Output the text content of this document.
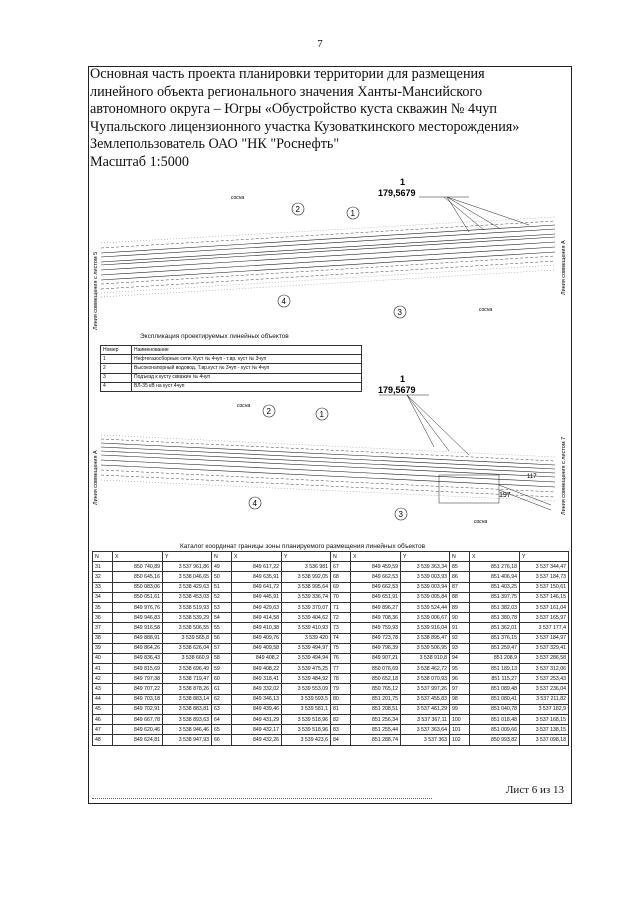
7
Основная часть проекта планировки территории для размещения
линейного объекта регионального значения Ханты-Мансийского
автономного округа – Югры «Обустройство куста скважин № 4чуп
Чупальского лицензионного участка Кузоваткинского месторождения»
Землепользователь ОАО "НК "Роснефть"
Масштаб 1:5000
Линия совмещения с листом 5	Линия совмещения А
1
179,5679
1
2
3
4
сосна
сосна
Линия совмещения А	Линия совмещения с листом 7
1
179,5679
1
2
3
4
сосна
сосна
197
117
Экспликация проектируемых линейных объектов
Номер	Наименование
1	Нефтегазосборные сети. Куст № 4чуп - т.вр. куст № 3чуп
2	Высоконапорный водовод. Т.вр.куст № 3чуп - куст № 4чуп
3	Подъезд к кусту скважин № 4чуп
4	ВЛ-35 кВ на куст 4чуп
Каталог координат границы зоны планируемого размещения линейных объектов
N	X	Y	N	X	Y	N	X	Y	N	X	Y
31	850 740,89	3 537 961,86	49	849 617,22	3 536 981	67	849 459,59	3 539 363,34	85	851 276,18	3 537 344,47
32	850 645,16	3 538 046,65	50	849 635,91	3 538 992,05	68	849 662,53	3 539 003,93	86	851 406,94	3 537 184,73
33	850 083,06	3 538 429,63	51	849 641,72	3 538 995,64	69	849 662,53	3 539 003,94	87	851 403,25	3 537 150,61
34	850 051,61	3 538 453,03	52	849 445,91	3 539 336,74	70	849 651,91	3 539 005,84	88	851 397,75	3 537 146,15
35	849 976,76	3 538 519,93	53	849 429,63	3 539 370,07	71	849 896,27	3 539 524,44	89	851 382,03	3 537 161,04
36	849 946,83	3 538 539,29	54	849 414,58	3 539 404,62	72	849 708,36	3 539 006,67	90	851 380,78	3 537 165,97
37	849 916,58	3 538 506,55	55	849 410,38	3 539 410,93	73	849 759,93	3 539 916,04	91	851 362,01	3 537 177,4
38	849 888,91	3 539 565,8	56	849 409,76	3 539 420	74	849 723,78	3 538 895,47	92	851 376,15	3 537 184,97
39	849 864,26	3 538 626,04	57	849 409,58	3 539 494,97	75	849 796,39	3 539 506,95	93	851 259,47	3 537 329,41
40	849 836,43	3 538 660,9	58	849 408,2	3 539 494,94	76	849 907,21	3 538 910,8	94	851 208,9	3 537 286,58
41	849 815,69	3 538 696,49	59	849 408,22	3 539 475,25	77	850 076,69	3 538 462,72	95	851 189,13	3 537 312,06
42	849 797,38	3 538 719,47	60	849 318,41	3 539 484,92	78	850 652,18	3 538 070,93	96	851 115,27	3 537 253,43
43	849 707,22	3 538 878,26	61	849 332,02	3 539 553,09	79	850 765,12	3 537 997,26	97	851 089,48	3 537 236,04
44	849 703,18	3 538 883,14	62	849 346,13	3 539 593,5	80	851 201,75	3 537 455,83	98	851 080,41	3 537 211,82
45	849 702,91	3 538 883,81	63	849 439,46	3 539 581,1	81	851 208,51	3 537 461,29	99	851 040,78	3 537 182,9
46	849 667,78	3 538 893,63	64	849 431,29	3 539 518,96	82	851 256,34	3 537 367,11	100	851 018,48	3 537 168,15
47	849 620,46	3 538 946,46	65	849 432,17	3 539 518,96	83	851 255,44	3 537 363,64	101	851 009,66	3 537 138,15
48	849 624,81	3 538 947,93	66	849 432,26	3 539 423,6	84	851 288,74	3 537 363	102	850 993,82	3 537 098,18
Лист 6 из 13
